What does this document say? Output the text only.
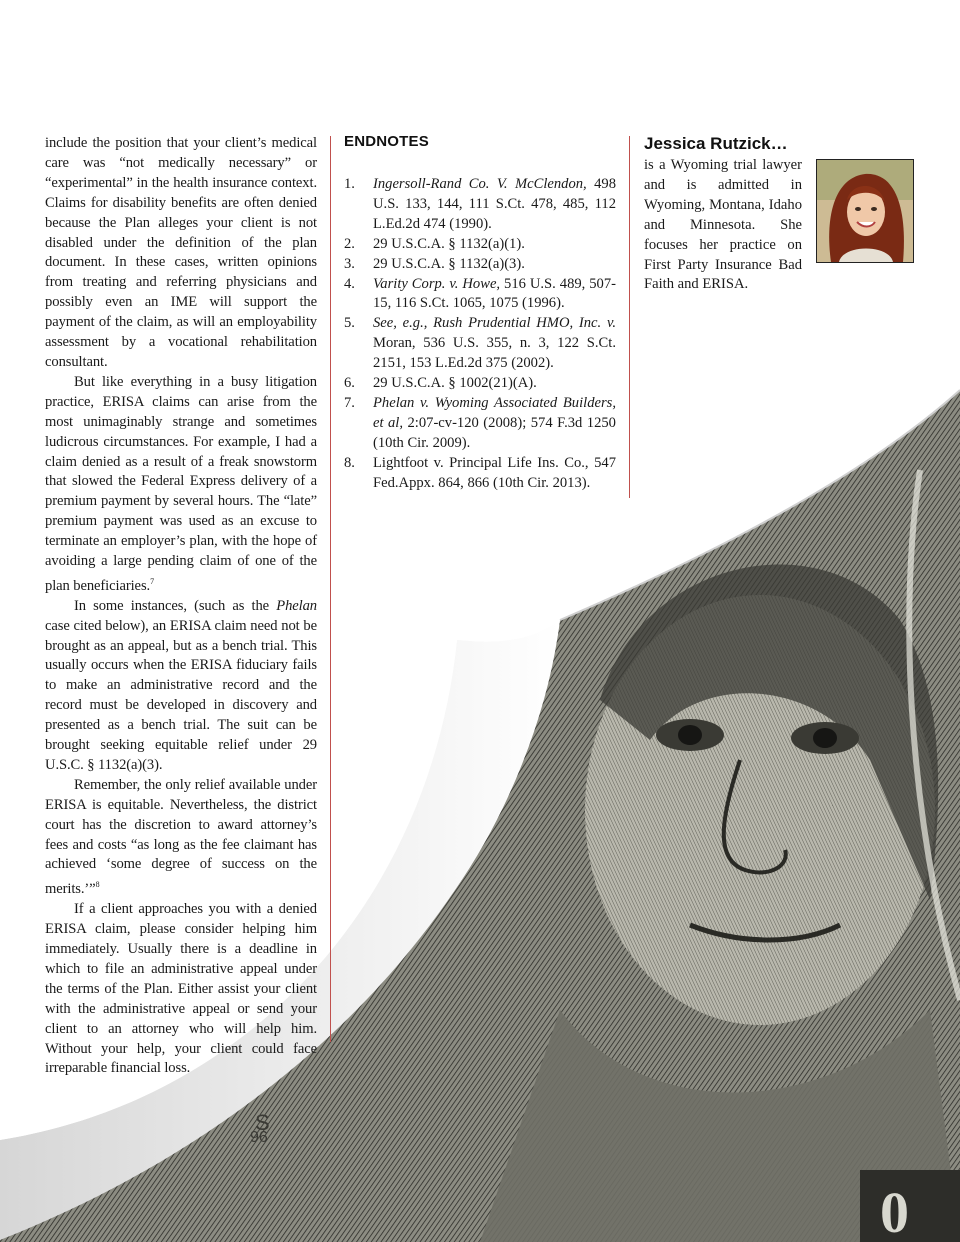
0
S
96

include the position that your client’s medical care was “not medically necessary” or “experimental” in the health insurance context. Claims for disability benefits are often denied because the Plan alleges your client is not disabled under the definition of the plan document. In these cases, written opinions from treating and referring physicians and possibly even an IME will support the payment of the claim, as will an employability assessment by a vocational rehabilitation consultant.

But like everything in a busy litigation practice, ERISA claims can arise from the most unimaginably strange and sometimes ludicrous circumstances. For example, I had a claim denied as a result of a freak snowstorm that slowed the Federal Express delivery of a premium payment by several hours. The “late” premium payment was used as an excuse to terminate an employer’s plan, with the hope of avoiding a large pending claim of one of the plan beneficiaries.$^7$

In some instances, (such as the Phelan case cited below), an ERISA claim need not be brought as an appeal, but as a bench trial. This usually occurs when the ERISA fiduciary fails to make an administrative record and the record must be developed in discovery and presented as a bench trial. The suit can be brought seeking equitable relief under 29 U.S.C. § 1132(a)(3).

Remember, the only relief available under ERISA is equitable. Nevertheless, the district court has the discretion to award attorney’s fees and costs “as long as the fee claimant has achieved ‘some degree of success on the merits.’”$^8$

If a client approaches you with a denied ERISA claim, please consider helping him immediately. Usually there is a deadline in which to file an administrative appeal under the terms of the Plan. Either assist your client with the administrative appeal or send your client to an attorney who will help him. Without your help, your client could face irreparable financial loss.

ENDNOTES
1. Ingersoll-Rand Co. V. McClendon, 498 U.S. 133, 144, 111 S.Ct. 478, 485, 112 L.Ed.2d 474 (1990).
2. 29 U.S.C.A. § 1132(a)(1).
3. 29 U.S.C.A. § 1132(a)(3).
4. Varity Corp. v. Howe, 516 U.S. 489, 507-15, 116 S.Ct. 1065, 1075 (1996).
5. See, e.g., Rush Prudential HMO, Inc. v. Moran, 536 U.S. 355, n. 3, 122 S.Ct. 2151, 153 L.Ed.2d 375 (2002).
6. 29 U.S.C.A. § 1002(21)(A).
7. Phelan v. Wyoming Associated Builders, et al, 2:07-cv-120 (2008); 574 F.3d 1250 (10th Cir. 2009).
8. Lightfoot v. Principal Life Ins. Co., 547 Fed.Appx. 864, 866 (10th Cir. 2013).
Jessica Rutzick…
is a Wyoming trial lawyer and is admitted in Wyoming, Montana, Idaho and Minnesota. She focuses her practice on First Party Insurance Bad Faith and ERISA.
